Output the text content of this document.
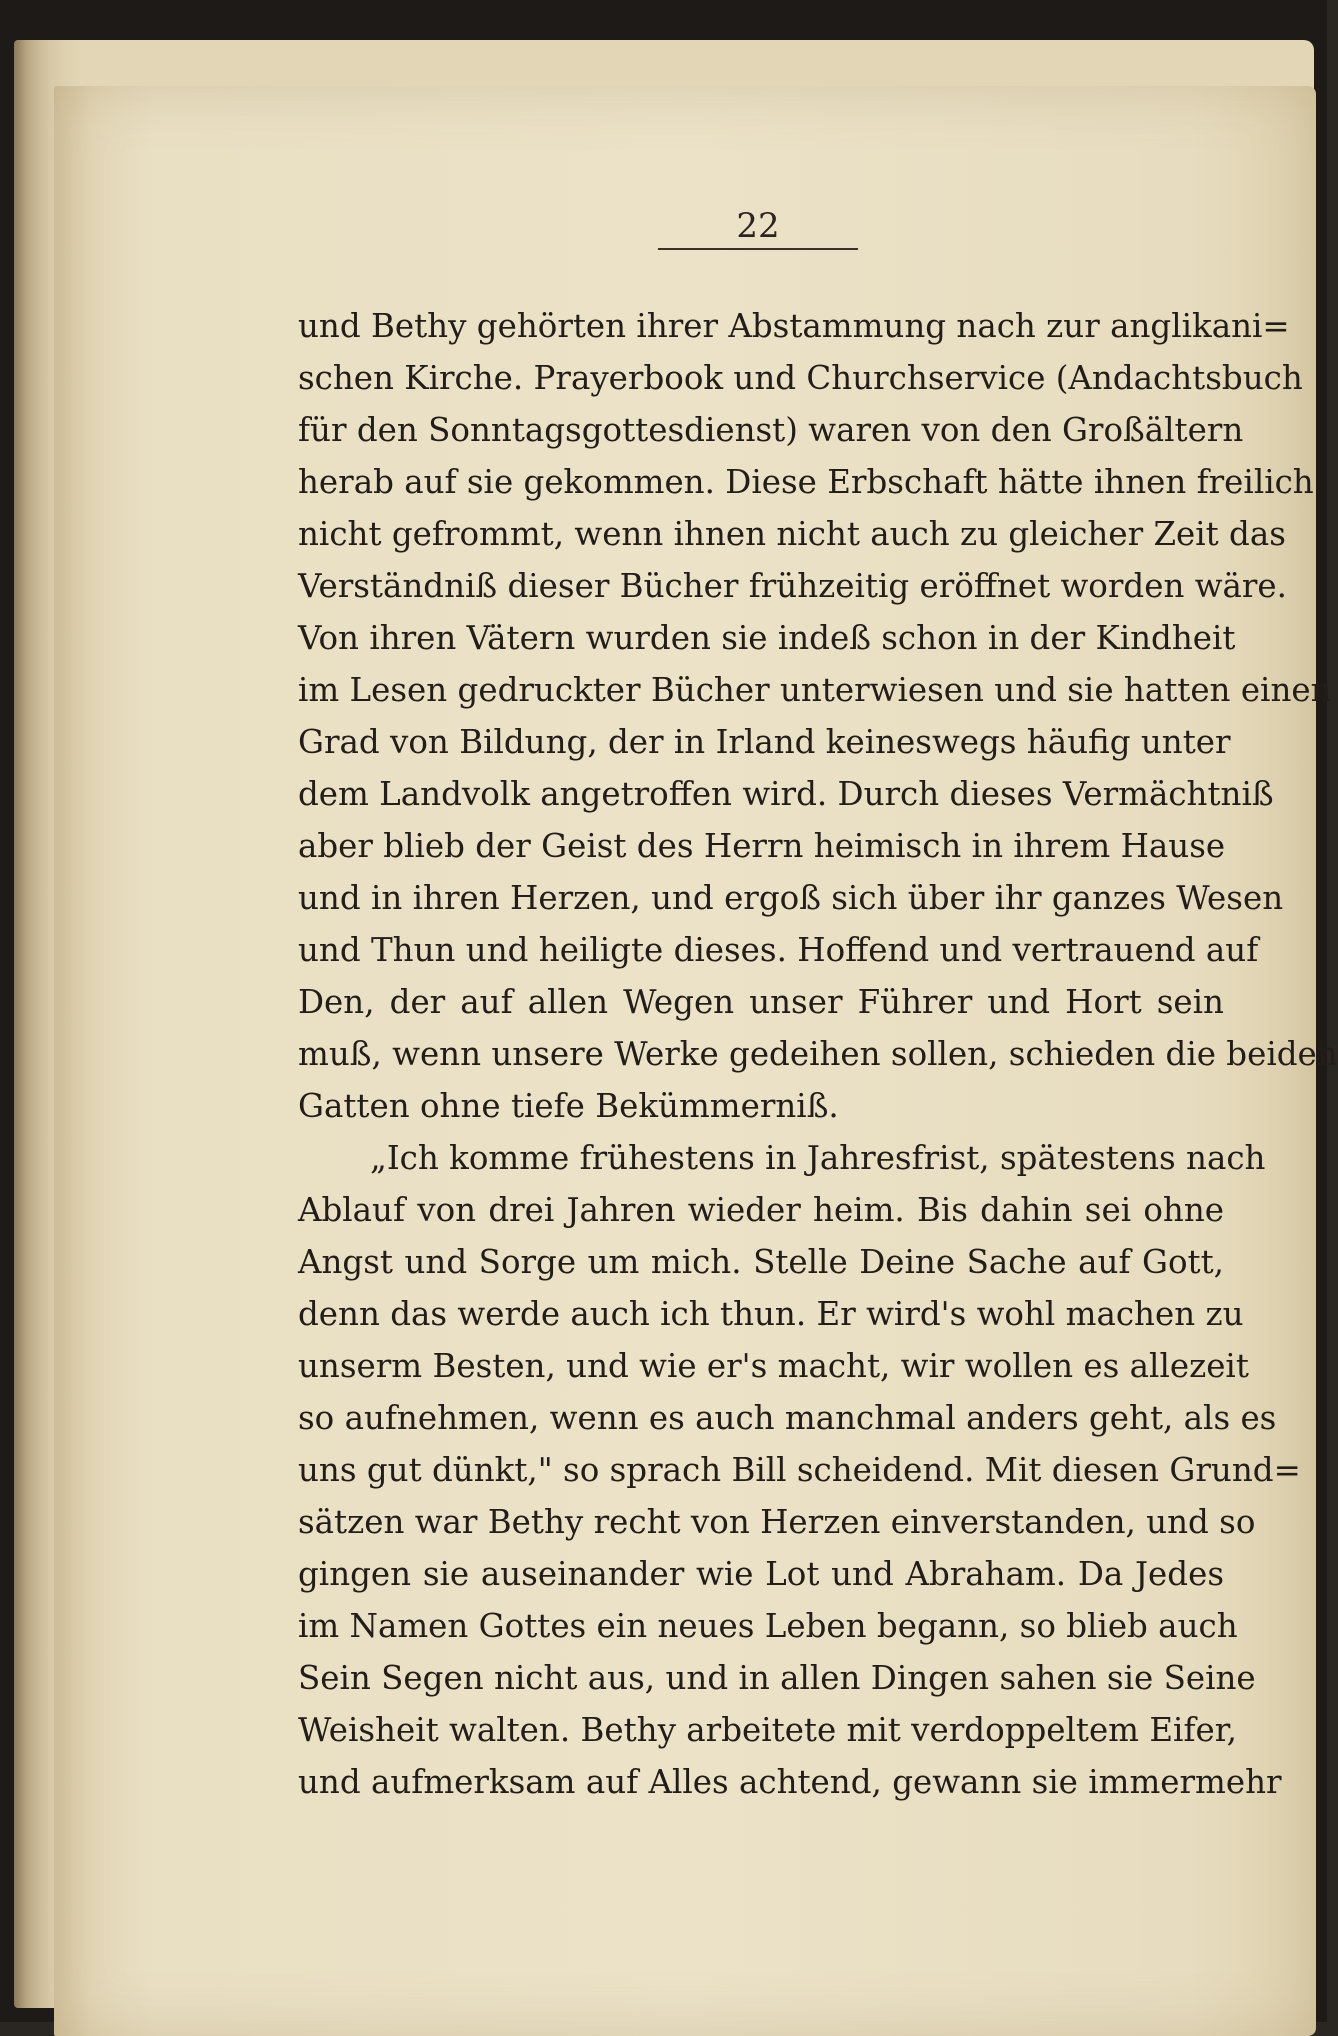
22
und Bethy gehörten ihrer Abstammung nach zur anglikani=
schen Kirche. Prayerbook und Churchservice (Andachtsbuch
für den Sonntagsgottesdienst) waren von den Großältern
herab auf sie gekommen. Diese Erbschaft hätte ihnen freilich
nicht gefrommt, wenn ihnen nicht auch zu gleicher Zeit das
Verständniß dieser Bücher frühzeitig eröffnet worden wäre.
Von ihren Vätern wurden sie indeß schon in der Kindheit
im Lesen gedruckter Bücher unterwiesen und sie hatten einen
Grad von Bildung, der in Irland keineswegs häufig unter
dem Landvolk angetroffen wird. Durch dieses Vermächtniß
aber blieb der Geist des Herrn heimisch in ihrem Hause
und in ihren Herzen, und ergoß sich über ihr ganzes Wesen
und Thun und heiligte dieses. Hoffend und vertrauend auf
Den, der auf allen Wegen unser Führer und Hort sein
muß, wenn unsere Werke gedeihen sollen, schieden die beiden
Gatten ohne tiefe Bekümmerniß.
„Ich komme frühestens in Jahresfrist, spätestens nach
Ablauf von drei Jahren wieder heim. Bis dahin sei ohne
Angst und Sorge um mich. Stelle Deine Sache auf Gott,
denn das werde auch ich thun. Er wird's wohl machen zu
unserm Besten, und wie er's macht, wir wollen es allezeit
so aufnehmen, wenn es auch manchmal anders geht, als es
uns gut dünkt," so sprach Bill scheidend. Mit diesen Grund=
sätzen war Bethy recht von Herzen einverstanden, und so
gingen sie auseinander wie Lot und Abraham. Da Jedes
im Namen Gottes ein neues Leben begann, so blieb auch
Sein Segen nicht aus, und in allen Dingen sahen sie Seine
Weisheit walten. Bethy arbeitete mit verdoppeltem Eifer,
und aufmerksam auf Alles achtend, gewann sie immermehr
